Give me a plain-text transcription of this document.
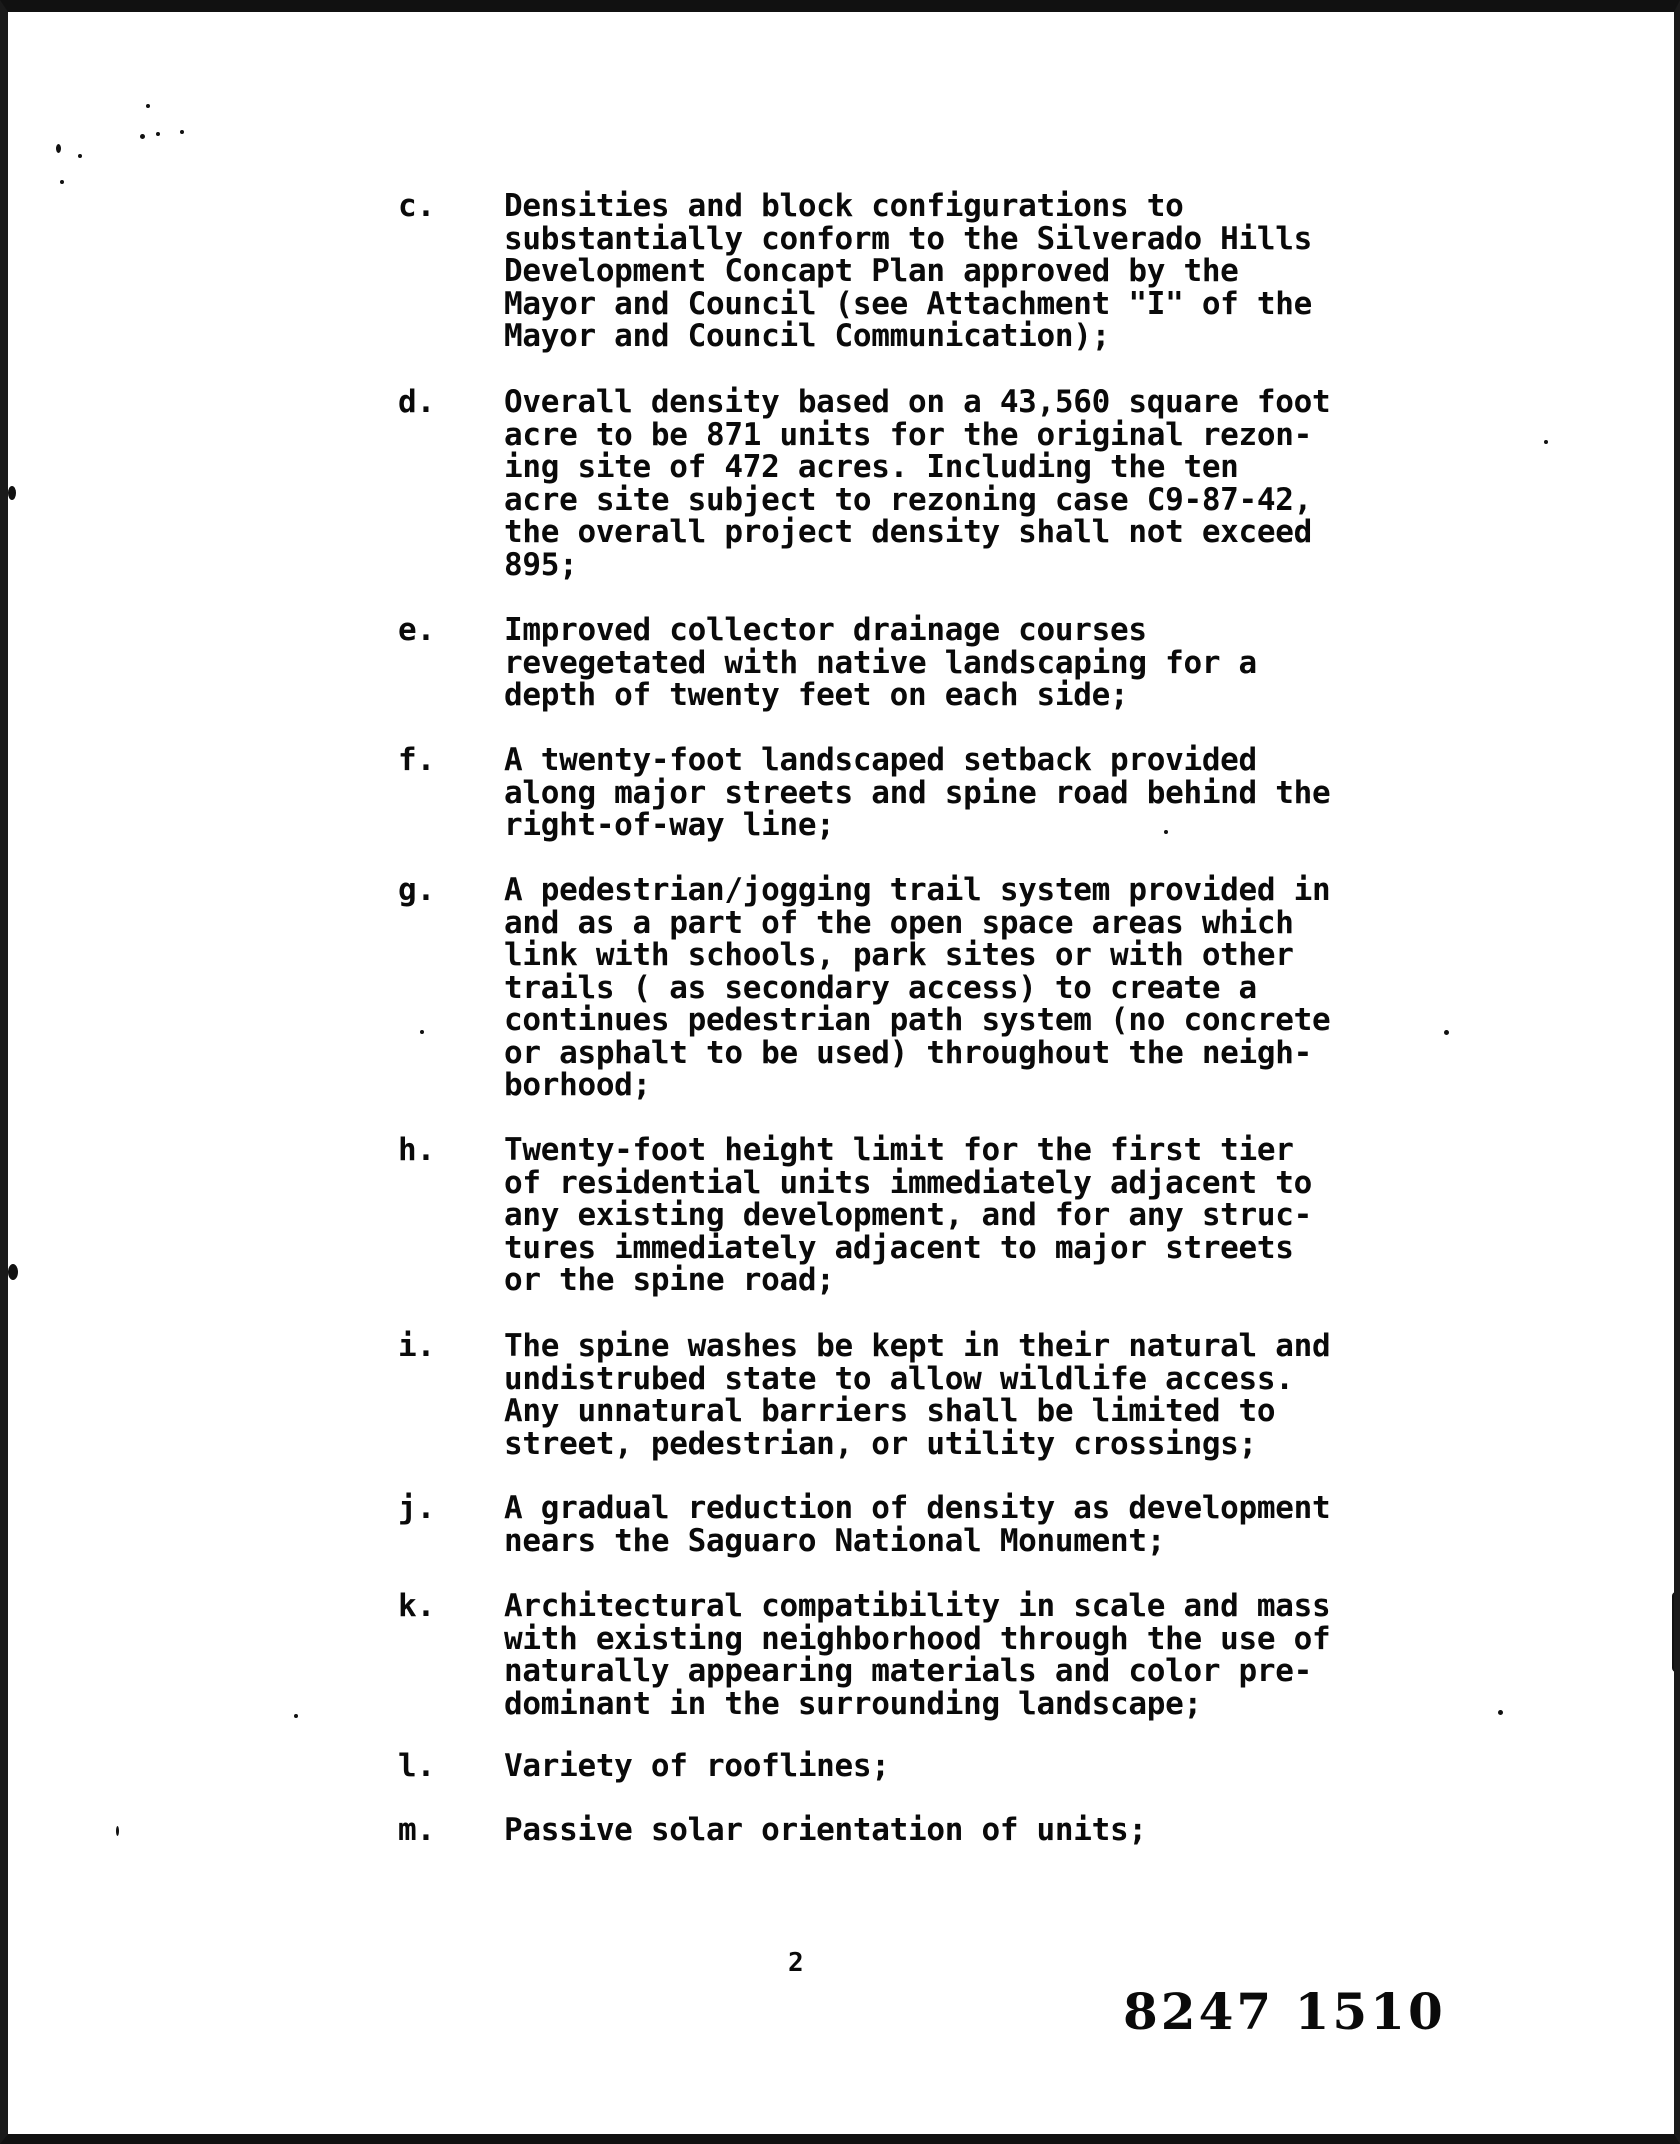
c. Densities and block configurations to
substantially conform to the Silverado Hills
Development Concapt Plan approved by the
Mayor and Council (see Attachment "I" of the
Mayor and Council Communication);
d. Overall density based on a 43,560 square foot
acre to be 871 units for the original rezon-
ing site of 472 acres. Including the ten
acre site subject to rezoning case C9-87-42,
the overall project density shall not exceed
895;
e. Improved collector drainage courses
revegetated with native landscaping for a
depth of twenty feet on each side;
f. A twenty-foot landscaped setback provided
along major streets and spine road behind the
right-of-way line;
g. A pedestrian/jogging trail system provided in
and as a part of the open space areas which
link with schools, park sites or with other
trails ( as secondary access) to create a
continues pedestrian path system (no concrete
or asphalt to be used) throughout the neigh-
borhood;
h. Twenty-foot height limit for the first tier
of residential units immediately adjacent to
any existing development, and for any struc-
tures immediately adjacent to major streets
or the spine road;
i. The spine washes be kept in their natural and
undistrubed state to allow wildlife access.
Any unnatural barriers shall be limited to
street, pedestrian, or utility crossings;
j. A gradual reduction of density as development
nears the Saguaro National Monument;
k. Architectural compatibility in scale and mass
with existing neighborhood through the use of
naturally appearing materials and color pre-
dominant in the surrounding landscape;
l. Variety of rooflines;
m. Passive solar orientation of units;
2
8247 1510
